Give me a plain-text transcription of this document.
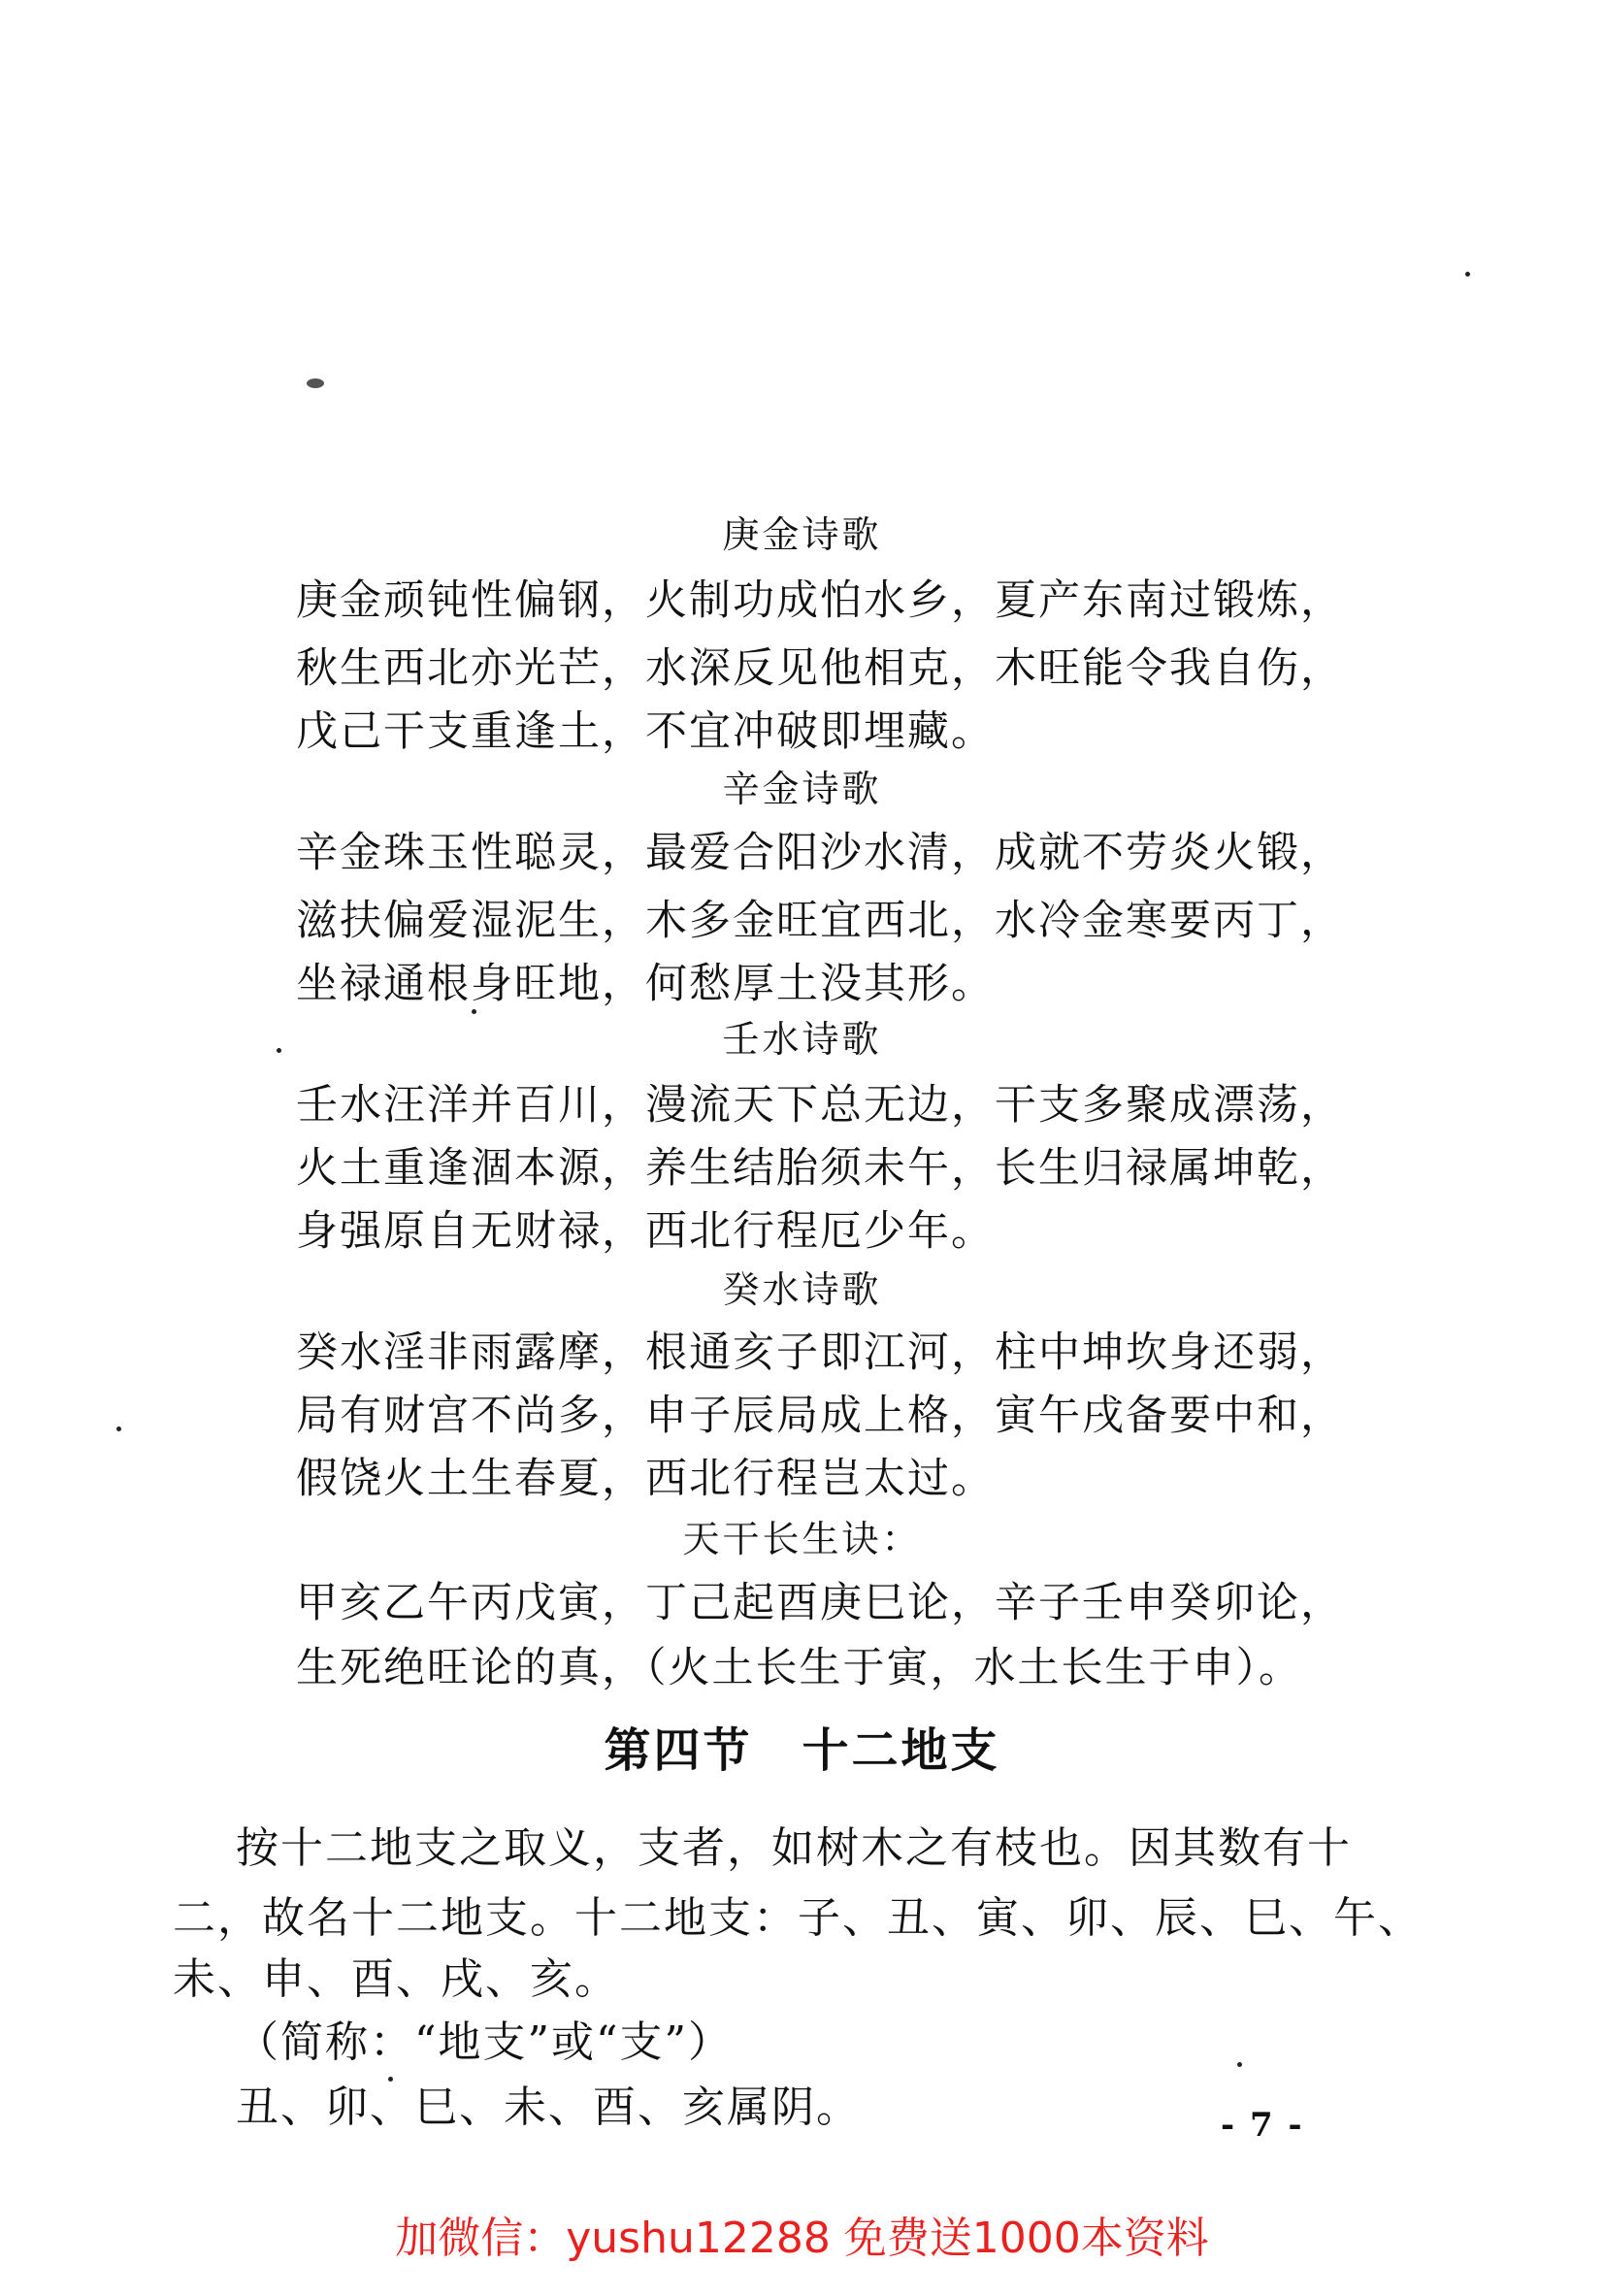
庚金诗歌
庚金顽钝性偏钢，火制功成怕水乡，夏产东南过锻炼，
秋生西北亦光芒，水深反见他相克，木旺能令我自伤，
戊己干支重逢土，不宜冲破即埋藏。
辛金诗歌
辛金珠玉性聪灵，最爱合阳沙水清，成就不劳炎火锻，
滋扶偏爱湿泥生，木多金旺宜西北，水冷金寒要丙丁，
坐禄通根身旺地，何愁厚土没其形。
壬水诗歌
壬水汪洋并百川，漫流天下总无边，干支多聚成漂荡，
火土重逢涸本源，养生结胎须未午，长生归禄属坤乾，
身强原自无财禄，西北行程厄少年。
癸水诗歌
癸水淫非雨露摩，根通亥子即江河，柱中坤坎身还弱，
局有财宫不尚多，申子辰局成上格，寅午戌备要中和，
假饶火土生春夏，西北行程岂太过。
天干长生诀：
甲亥乙午丙戊寅，丁己起酉庚巳论，辛子壬申癸卯论，
生死绝旺论的真，（火土长生于寅，水土长生于申）。
第四节　十二地支
按十二地支之取义，支者，如树木之有枝也。因其数有十
二，故名十二地支。十二地支：子、丑、寅、卯、辰、巳、午、
未、申、酉、戌、亥。
（简称：“地支”或“支”）
丑、卯、巳、未、酉、亥属阴。	- 7 -
加微信：yushu12288 免费送1000本资料
